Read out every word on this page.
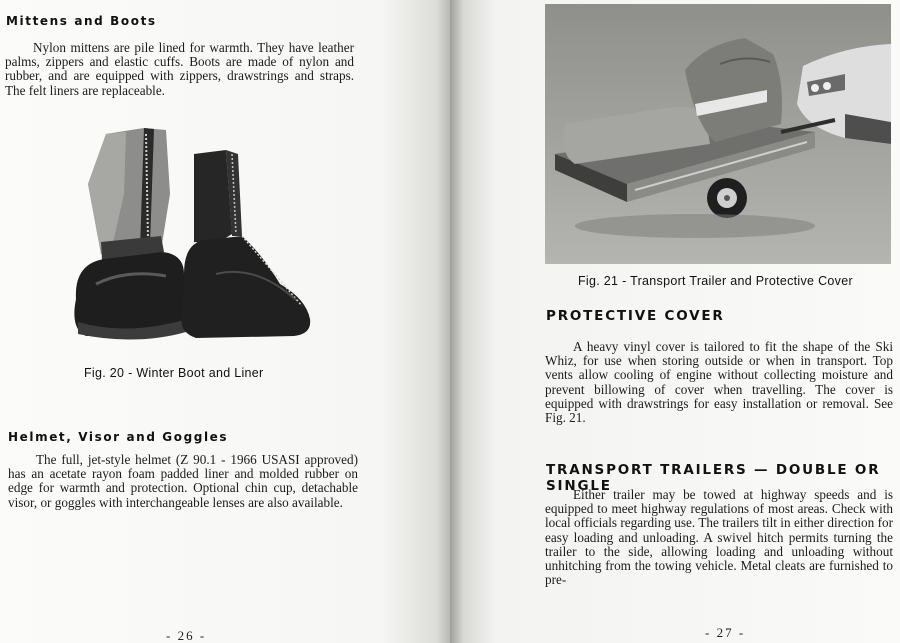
Mittens and Boots

Nylon mittens are pile lined for warmth. They have leather palms, zippers and elastic cuffs. Boots are made of nylon and rubber, and are equipped with zippers, drawstrings and straps. The felt liners are replaceable.

Fig. 20 - Winter Boot and Liner

Helmet, Visor and Goggles

The full, jet-style helmet (Z 90.1 - 1966 USASI approved) has an acetate rayon foam padded liner and molded rubber on edge for warmth and protection. Optional chin cup, detachable visor, or goggles with interchangeable lenses are also available.

- 26 -

Fig. 21 - Transport Trailer and Protective Cover

PROTECTIVE COVER

A heavy vinyl cover is tailored to fit the shape of the Ski Whiz, for use when storing outside or when in transport. Top vents allow cooling of engine without collecting moisture and prevent billowing of cover when travelling. The cover is equipped with drawstrings for easy installation or removal. See Fig. 21.

TRANSPORT TRAILERS — DOUBLE OR SINGLE

Either trailer may be towed at highway speeds and is equipped to meet highway regulations of most areas. Check with local officials regarding use. The trailers tilt in either direction for easy loading and unloading. A swivel hitch permits turning the trailer to the side, allowing loading and unloading without unhitching from the towing vehicle. Metal cleats are furnished to pre-

- 27 -
